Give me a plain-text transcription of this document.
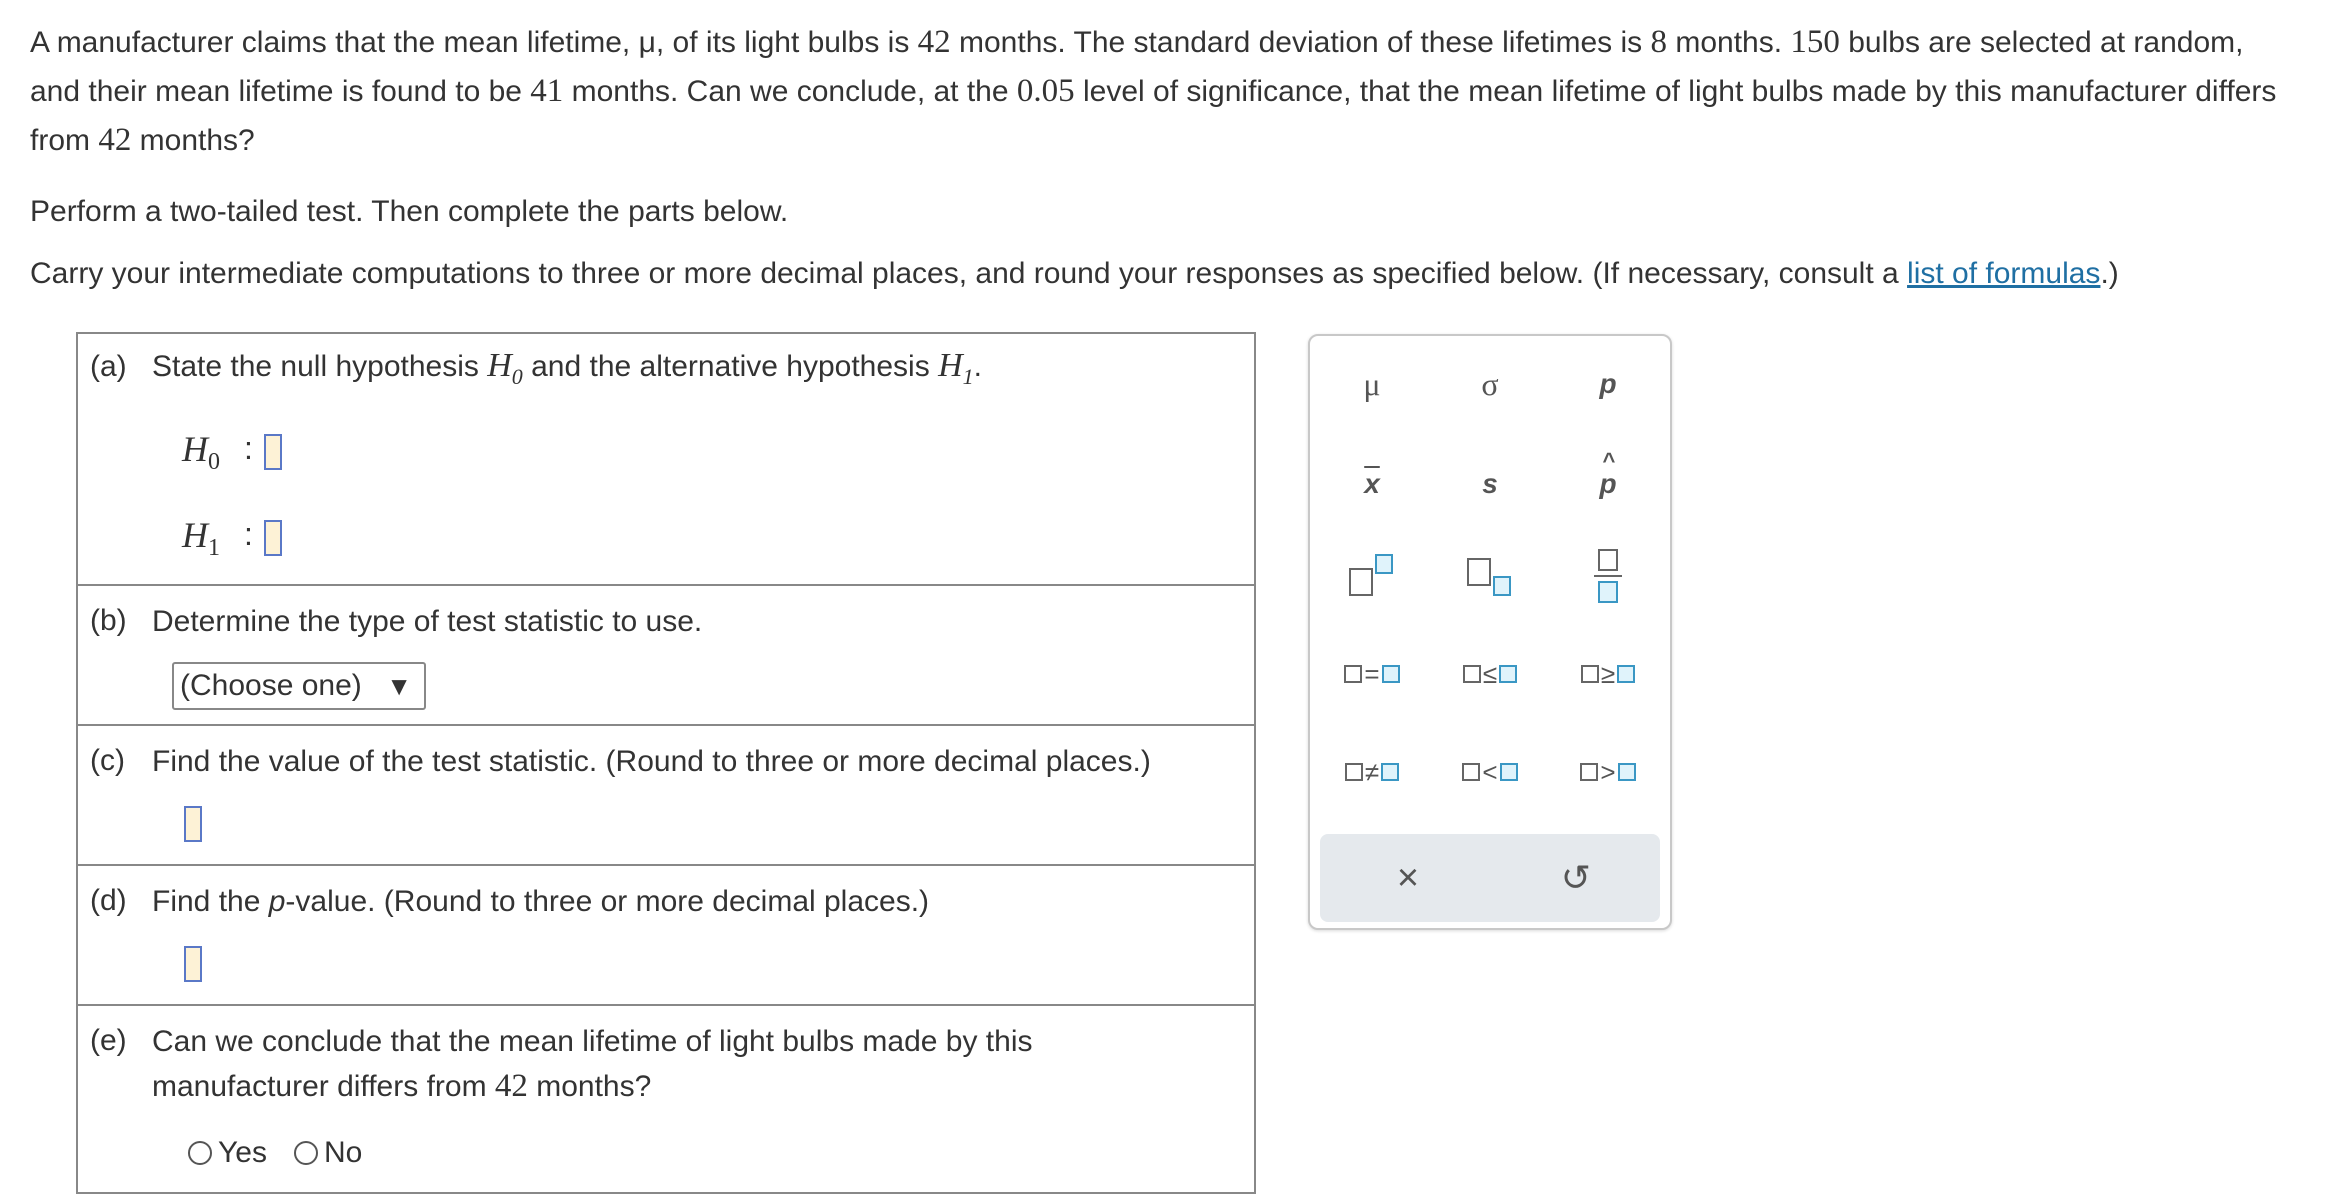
A manufacturer claims that the mean lifetime, μ, of its light bulbs is 42 months. The standard deviation of these lifetimes is 8 months. 150 bulbs are selected at random, and their mean lifetime is found to be 41 months. Can we conclude, at the 0.05 level of significance, that the mean lifetime of light bulbs made by this manufacturer differs from 42 months?

Perform a two-tailed test. Then complete the parts below.

Carry your intermediate computations to three or more decimal places, and round your responses as specified below. (If necessary, consult a list of formulas.)

(a) State the null hypothesis $H_0$ and the alternative hypothesis $H_1$.
$H_0$ :
$H_1$ :
(b) Determine the type of test statistic to use.
(Choose one) ▼
(c) Find the value of the test statistic. (Round to three or more decimal places.)
(d) Find the p-value. (Round to three or more decimal places.)
(e) Can we conclude that the mean lifetime of light bulbs made by this
manufacturer differs from 42 months?
Yes No
μ	σ	p
$\overline{x}$	s
^
p
=	≤	≥
≠	<	>
×	↺
